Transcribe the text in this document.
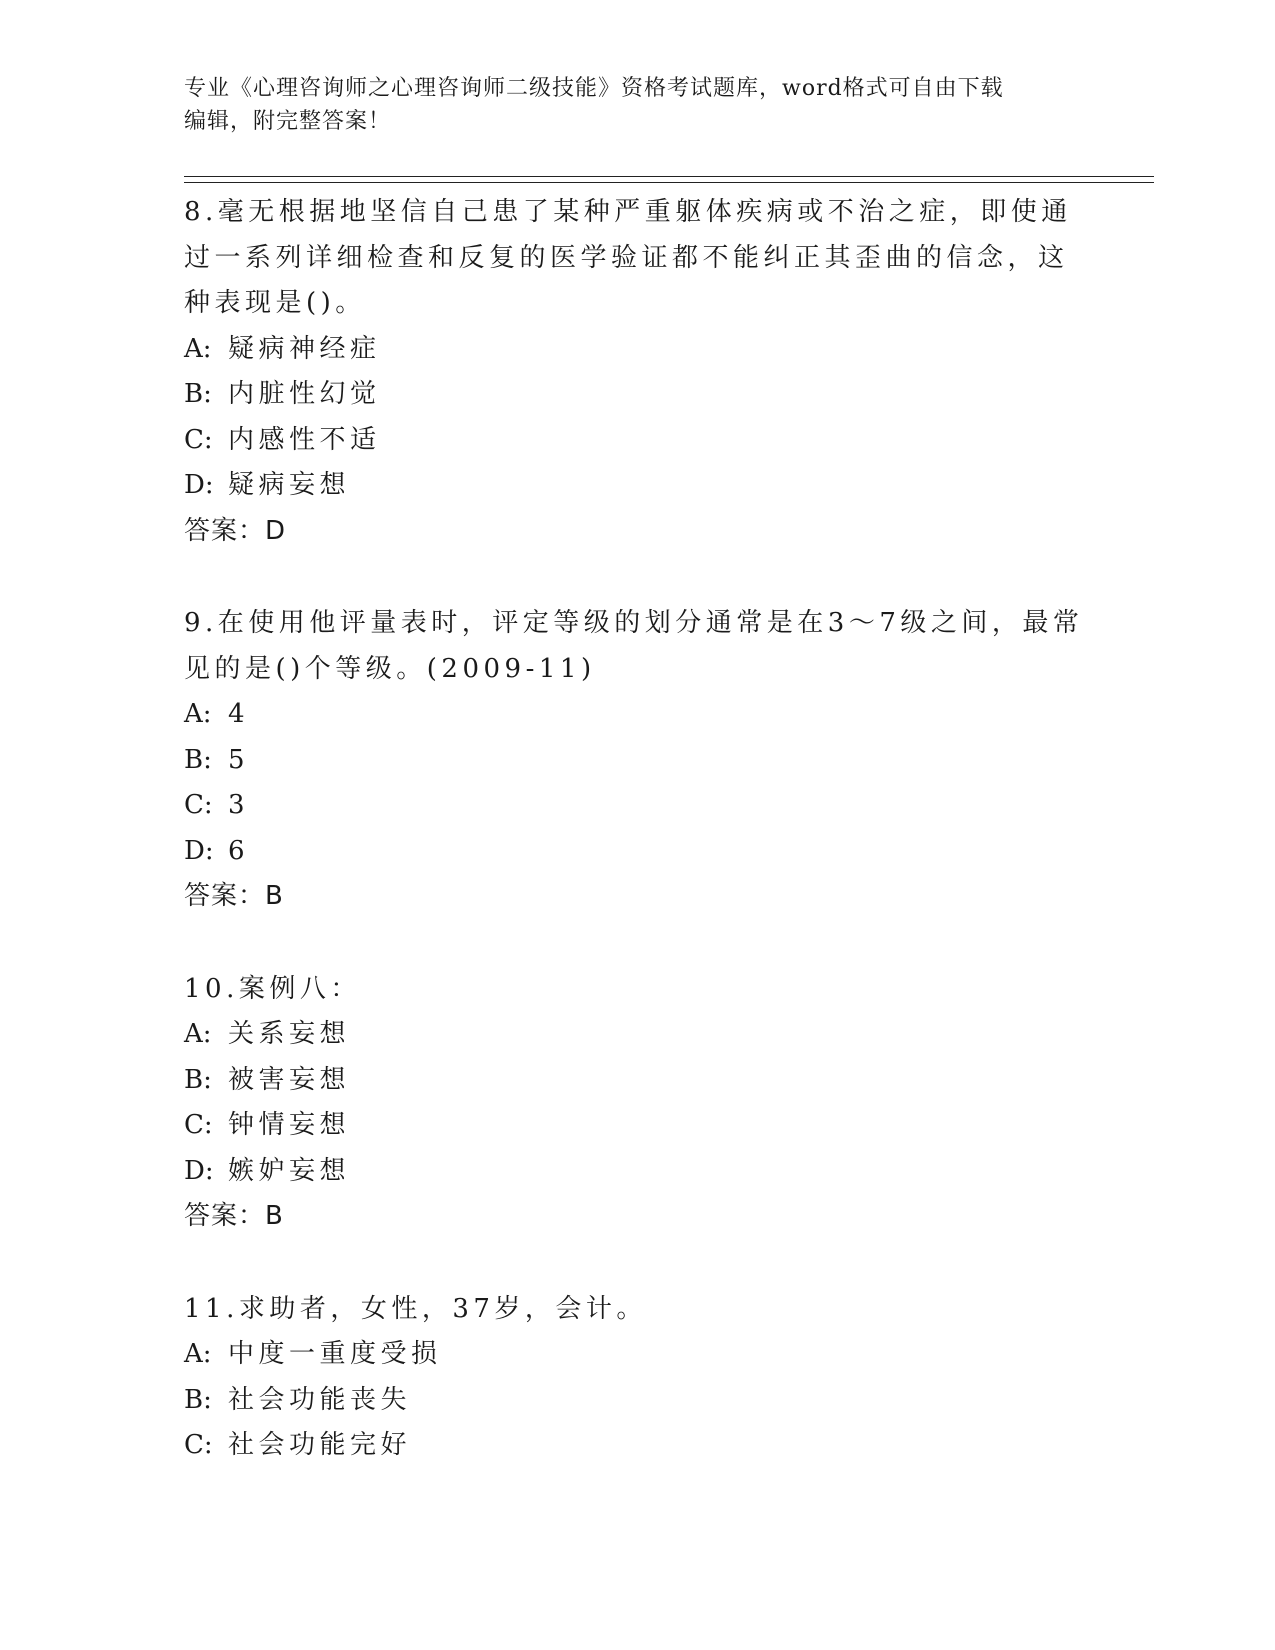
专业《心理咨询师之心理咨询师二级技能》资格考试题库，word格式可自由下载
编辑，附完整答案！

8.毫无根据地坚信自己患了某种严重躯体疾病或不治之症，即使通过一系列详细检查和反复的医学验证都不能纠正其歪曲的信念，这种表现是()。

A: 疑病神经症

B: 内脏性幻觉

C: 内感性不适

D: 疑病妄想

答案：D

9.在使用他评量表时，评定等级的划分通常是在3～7级之间，最常见的是()个等级。(2009-11)

A: 4

B: 5

C: 3

D: 6

答案：B

10.案例八：

A: 关系妄想

B: 被害妄想

C: 钟情妄想

D: 嫉妒妄想

答案：B

11.求助者，女性，37岁，会计。

A: 中度一重度受损

B: 社会功能丧失

C: 社会功能完好
